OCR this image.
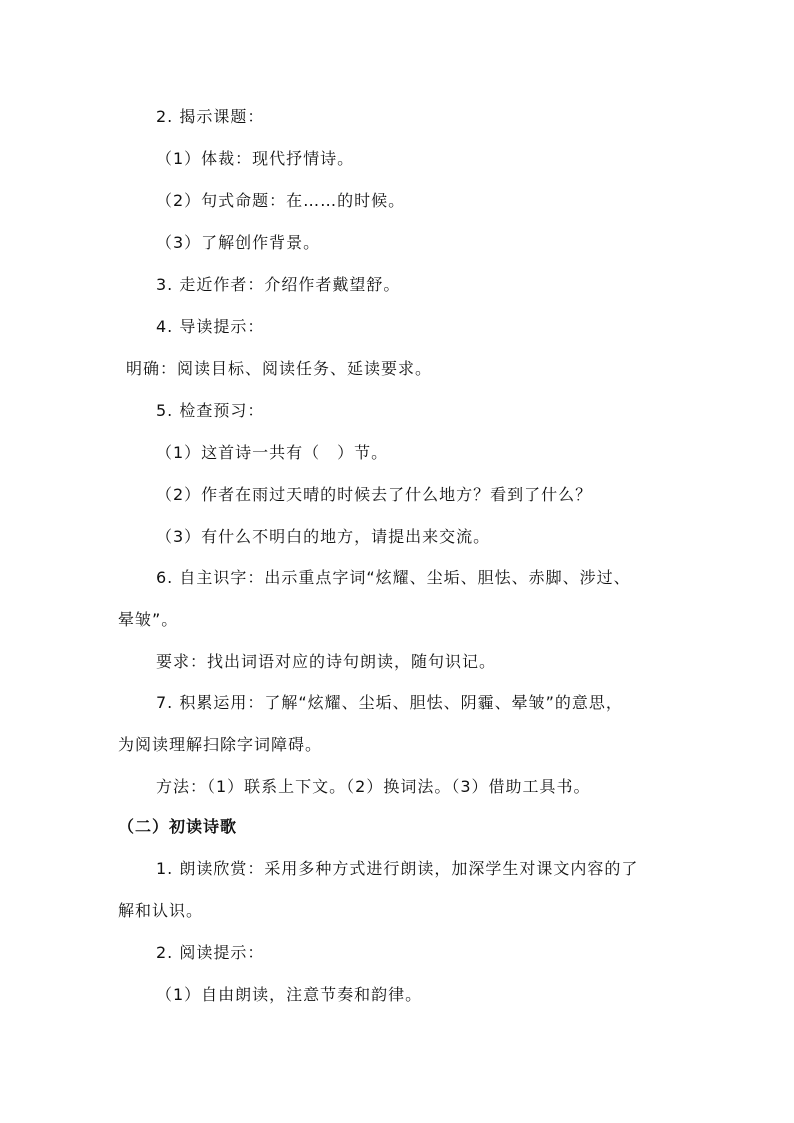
2. 揭示课题：
（1）体裁：现代抒情诗。
（2）句式命题：在……的时候。
（3）了解创作背景。
3. 走近作者：介绍作者戴望舒。
4. 导读提示：
明确：阅读目标、阅读任务、延读要求。
5. 检查预习：
（1）这首诗一共有（　）节。
（2）作者在雨过天晴的时候去了什么地方？看到了什么？
（3）有什么不明白的地方，请提出来交流。
6. 自主识字：出示重点字词“炫耀、尘垢、胆怯、赤脚、涉过、
晕皱”。
要求：找出词语对应的诗句朗读，随句识记。
7. 积累运用：了解“炫耀、尘垢、胆怯、阴霾、晕皱”的意思，
为阅读理解扫除字词障碍。
方法：（1）联系上下文。（2）换词法。（3）借助工具书。
（二）初读诗歌
1. 朗读欣赏：采用多种方式进行朗读，加深学生对课文内容的了
解和认识。
2. 阅读提示：
（1）自由朗读，注意节奏和韵律。
